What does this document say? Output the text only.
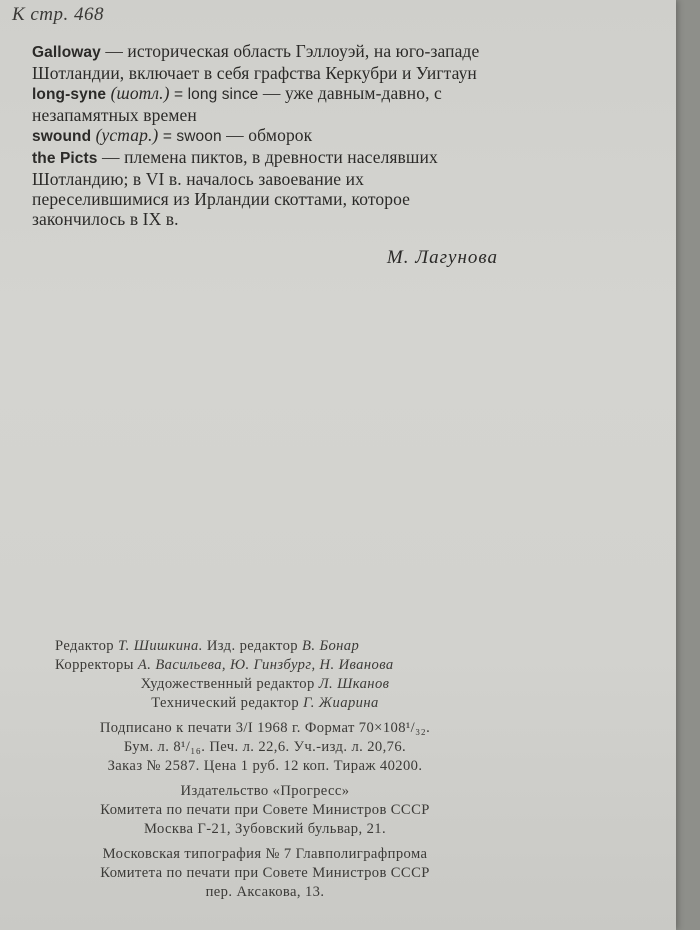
К стр. 468

Galloway — историческая область Гэллоуэй, на юго-западе Шотландии, включает в себя графства Керкубри и Уигтаун

long-syne (шотл.) = long since — уже давным-давно, с незапамятных времен

swound (устар.) = swoon — обморок

the Picts — племена пиктов, в древности населявших Шотландию; в VI в. началось завоевание их переселившимися из Ирландии скоттами, которое закончилось в IX в.

М. Лагунова

Редактор Т. Шишкина. Изд. редактор В. Бонар

Корректоры А. Васильева, Ю. Гинзбург, Н. Иванова

Художественный редактор Л. Шканов

Технический редактор Г. Жиарина

Подписано к печати 3/I 1968 г. Формат 70×108¹/₃₂.

Бум. л. 8¹/₁₆. Печ. л. 22,6. Уч.-изд. л. 20,76.

Заказ № 2587. Цена 1 руб. 12 коп. Тираж 40200.

Издательство «Прогресс»

Комитета по печати при Совете Министров СССР

Москва Г-21, Зубовский бульвар, 21.

Московская типография № 7 Главполиграфпрома

Комитета по печати при Совете Министров СССР

пер. Аксакова, 13.
